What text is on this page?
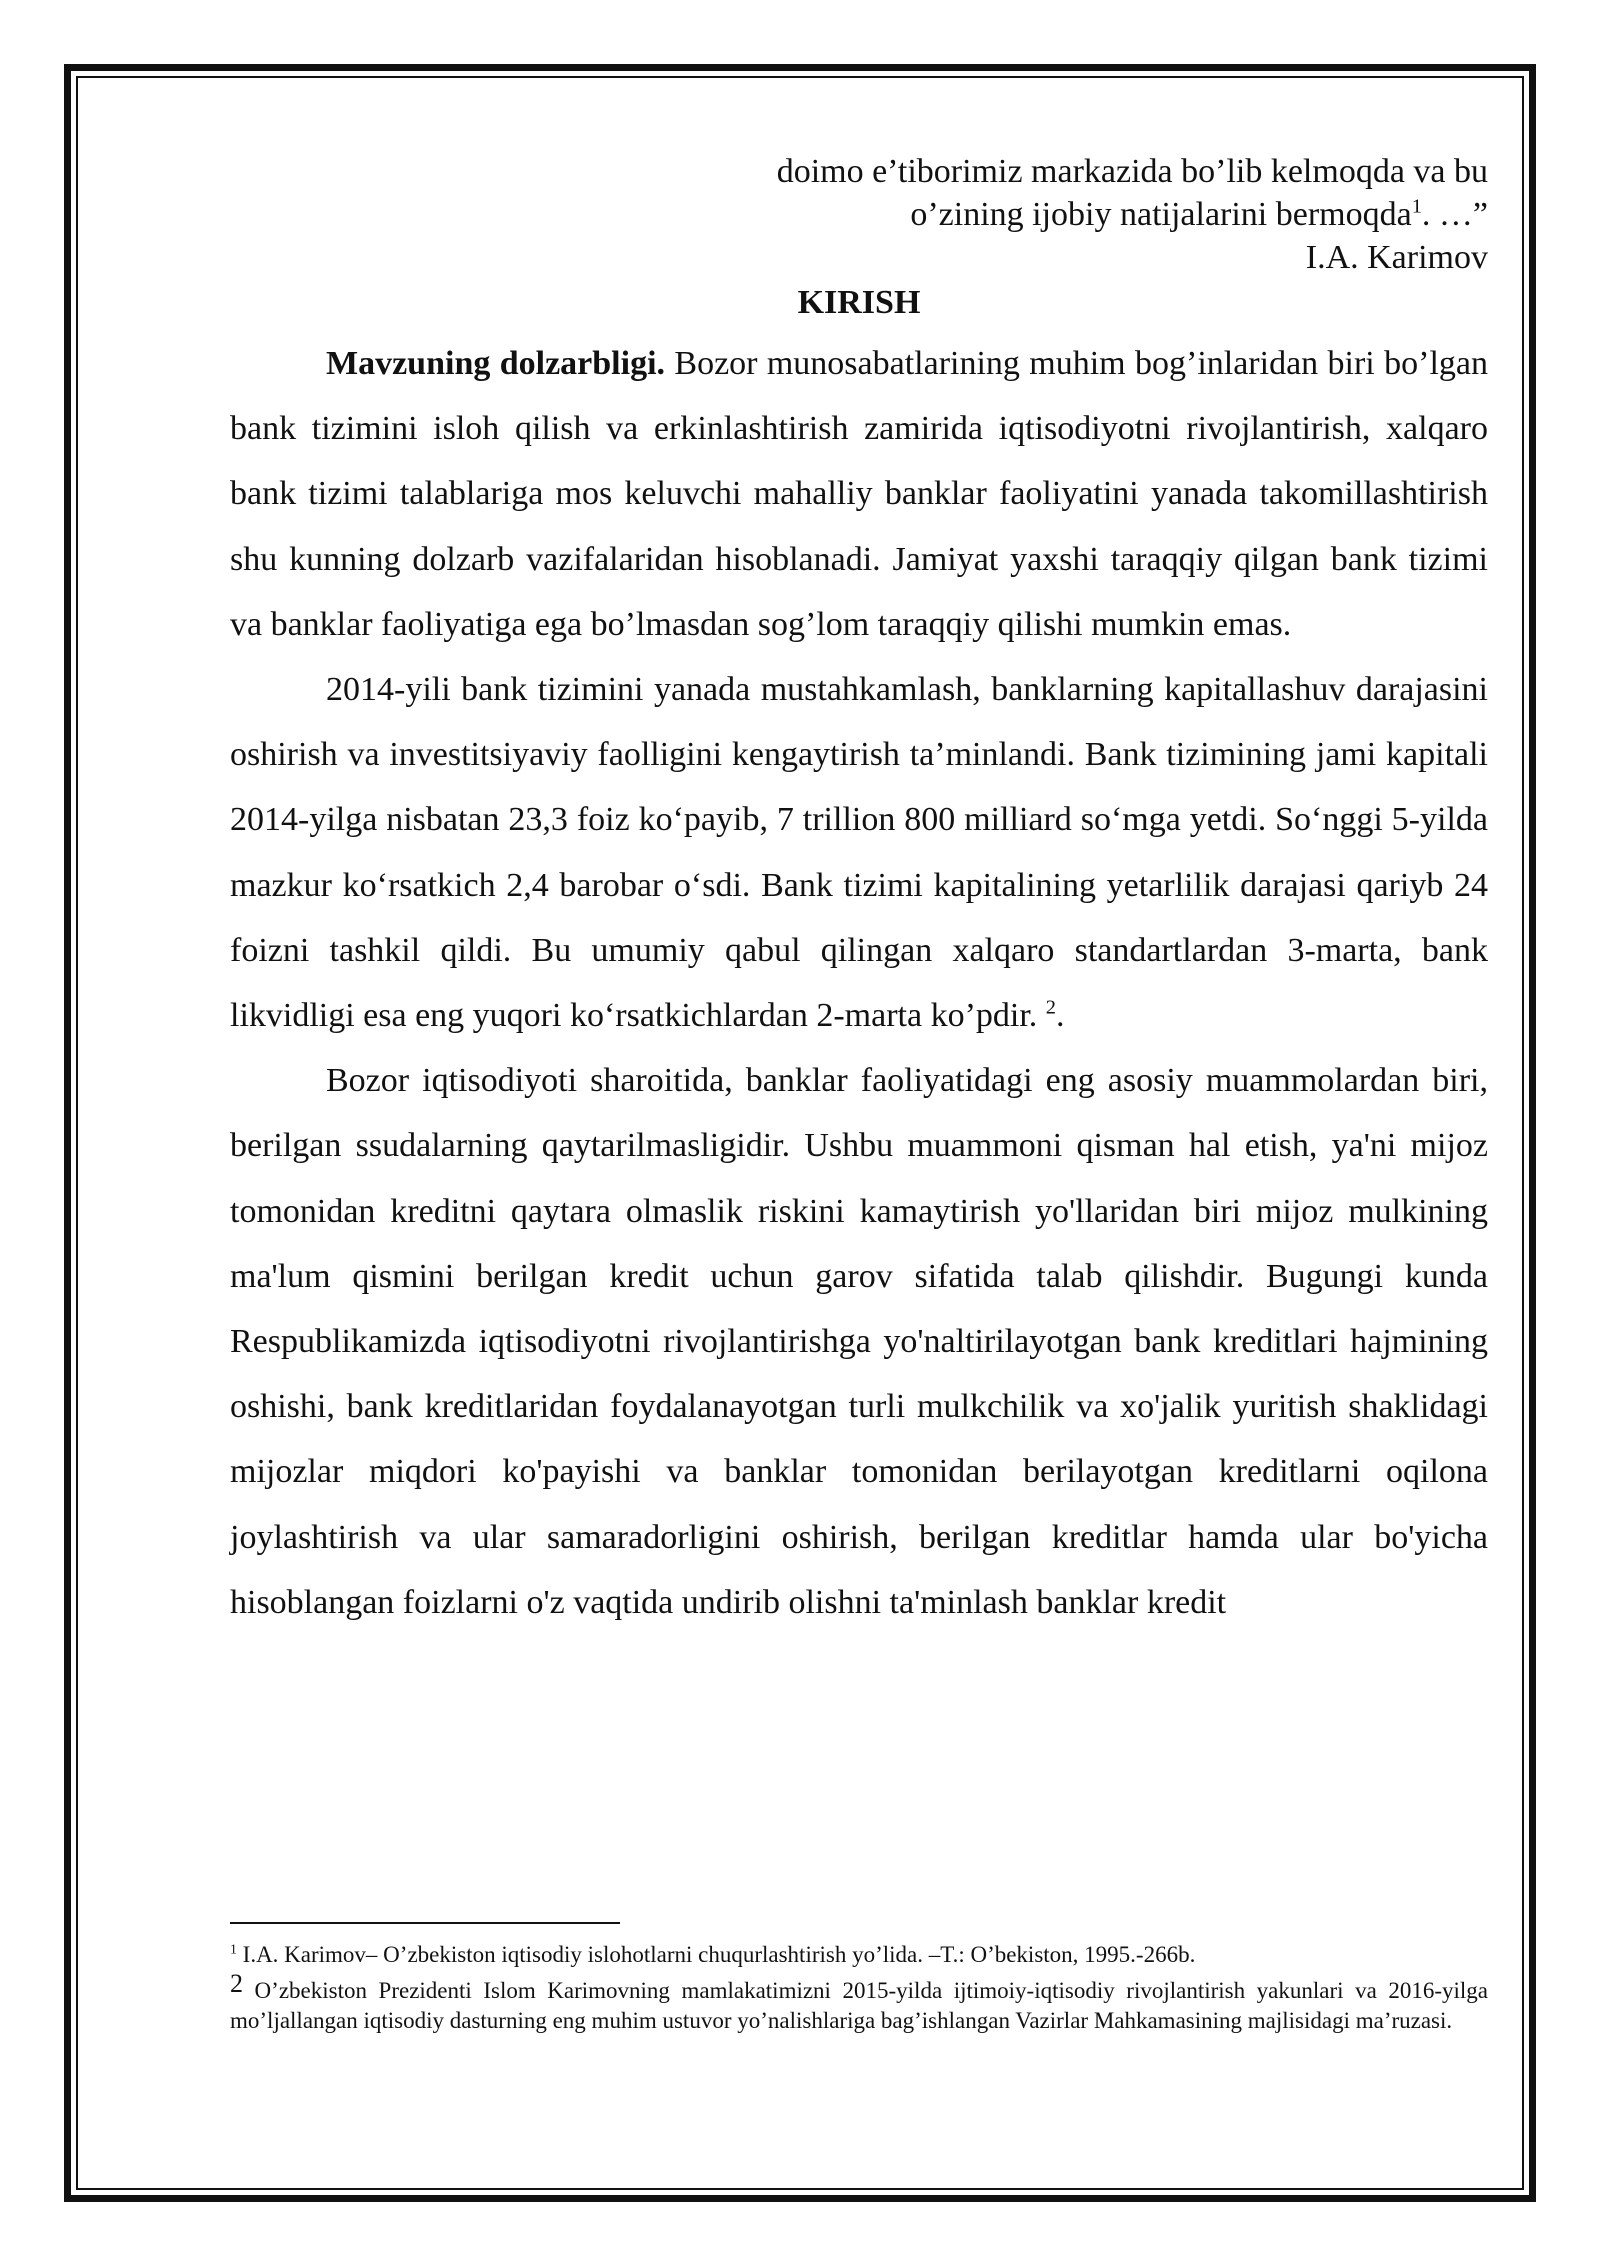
doimo e’tiborimiz markazida bo’lib kelmoqda va bu

o’zining ijobiy natijalarini bermoqda$^1$. …”

I.A. Karimov

KIRISH

Mavzuning dolzarbligi. Bozor munosabatlarining muhim bog’inlaridan biri bo’lgan bank tizimini isloh qilish va erkinlashtirish zamirida iqtisodiyotni rivojlantirish, xalqaro bank tizimi talablariga mos keluvchi mahalliy banklar faoliyatini yanada takomillashtirish shu kunning dolzarb vazifalaridan hisoblanadi. Jamiyat yaxshi taraqqiy qilgan bank tizimi va banklar faoliyatiga ega bo’lmasdan sog’lom taraqqiy qilishi mumkin emas.

2014-yili bank tizimini yanada mustahkamlash, banklarning kapitallashuv darajasini oshirish va investitsiyaviy faolligini kengaytirish ta’minlandi. Bank tizimining jami kapitali 2014-yilga nisbatan 23,3 foiz ko‘payib, 7 trillion 800 milliard so‘mga yetdi. So‘nggi 5-yilda mazkur ko‘rsatkich 2,4 barobar o‘sdi. Bank tizimi kapitalining yetarlilik darajasi qariyb 24 foizni tashkil qildi. Bu umumiy qabul qilingan xalqaro standartlardan 3-marta, bank likvidligi esa eng yuqori ko‘rsatkichlardan 2-marta ko’pdir. $^2$.

Bozor iqtisodiyoti sharoitida, banklar faoliyatidagi eng asosiy muammolardan biri, berilgan ssudalarning qaytarilmasligidir. Ushbu muammoni qisman hal etish, ya'ni mijoz tomonidan kreditni qaytara olmaslik riskini kamaytirish yo'llaridan biri mijoz mulkining ma'lum qismini berilgan kredit uchun garov sifatida talab qilishdir. Bugungi kunda Respublikamizda iqtisodiyotni rivojlantirishga yo'naltirilayotgan bank kreditlari hajmining oshishi, bank kreditlaridan foydalanayotgan turli mulkchilik va xo'jalik yuritish shaklidagi mijozlar miqdori ko'payishi va banklar tomonidan berilayotgan kreditlarni oqilona joylashtirish va ular samaradorligini oshirish, berilgan kreditlar hamda ular bo'yicha hisoblangan foizlarni o'z vaqtida undirib olishni ta'minlash banklar kredit

$^1$ I.A. Karimov– O’zbekiston iqtisodiy islohotlarni chuqurlashtirish yo’lida. –T.: O’bekiston, 1995.-266b.

2 O’zbekiston Prezidenti Islom Karimovning mamlakatimizni 2015-yilda ijtimoiy-iqtisodiy rivojlantirish yakunlari va 2016-yilga mo’ljallangan iqtisodiy dasturning eng muhim ustuvor yo’nalishlariga bag’ishlangan Vazirlar Mahkamasining majlisidagi ma’ruzasi.
